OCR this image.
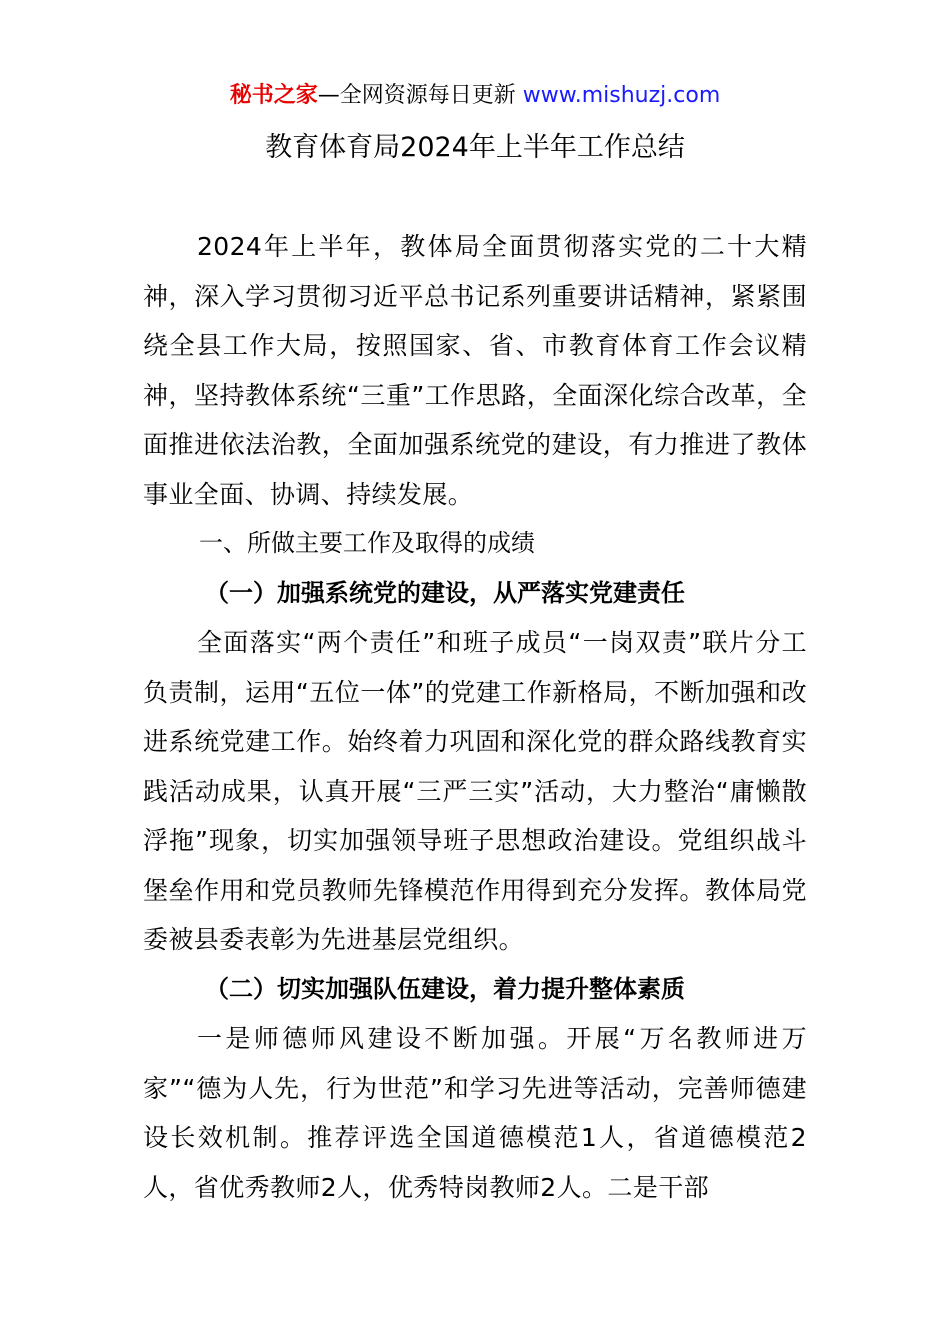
秘书之家—全网资源每日更新 www.mishuzj.com
教育体育局2024年上半年工作总结

2024年上半年，教体局全面贯彻落实党的二十大精神，深入学习贯彻习近平总书记系列重要讲话精神，紧紧围绕全县工作大局，按照国家、省、市教育体育工作会议精神，坚持教体系统“三重”工作思路，全面深化综合改革，全面推进依法治教，全面加强系统党的建设，有力推进了教体事业全面、协调、持续发展。

一、所做主要工作及取得的成绩

（一）加强系统党的建设，从严落实党建责任

全面落实“两个责任”和班子成员“一岗双责”联片分工负责制，运用“五位一体”的党建工作新格局，不断加强和改进系统党建工作。始终着力巩固和深化党的群众路线教育实践活动成果，认真开展“三严三实”活动，大力整治“庸懒散浮拖”现象，切实加强领导班子思想政治建设。党组织战斗堡垒作用和党员教师先锋模范作用得到充分发挥。教体局党委被县委表彰为先进基层党组织。

（二）切实加强队伍建设，着力提升整体素质

一是师德师风建设不断加强。开展“万名教师进万家”“德为人先，行为世范”和学习先进等活动，完善师德建设长效机制。推荐评选全国道德模范1人，省道德模范2人，省优秀教师2人，优秀特岗教师2人。二是干部
